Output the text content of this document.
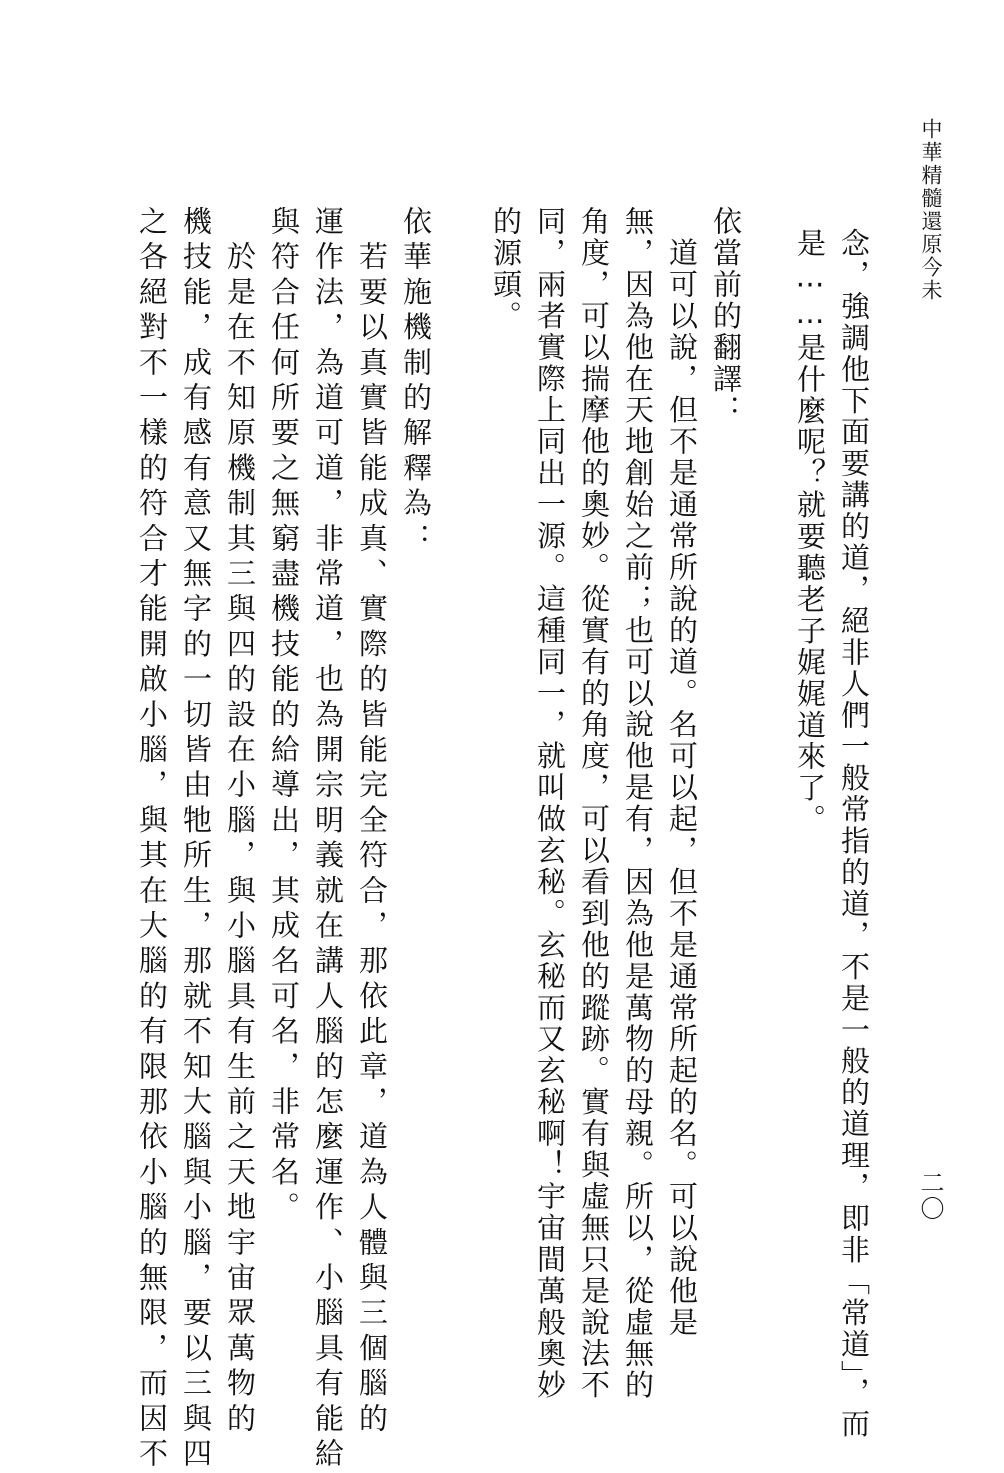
中華精髓還原今未
二〇
念，強調他下面要講的道，絕非人們一般常指的道，不是一般的道理，即非「常道」，而
是……是什麼呢？就要聽老子娓娓道來了。
依當前的翻譯：
　道可以說，但不是通常所說的道。名可以起，但不是通常所起的名。可以說他是
無，因為他在天地創始之前；也可以說他是有，因為他是萬物的母親。所以，從虛無的
角度，可以揣摩他的奧妙。從實有的角度，可以看到他的蹤跡。實有與虛無只是說法不
同，兩者實際上同出一源。這種同一，就叫做玄秘。玄秘而又玄秘啊！宇宙間萬般奧妙
的源頭。
依華施機制的解釋為：
　若要以真實皆能成真、實際的皆能完全符合，那依此章，道為人體與三個腦的
運作法，為道可道，非常道，也為開宗明義就在講人腦的怎麼運作、小腦具有能給
與符合任何所要之無窮盡機技能的給導出，其成名可名，非常名。
　於是在不知原機制其三與四的設在小腦，與小腦具有生前之天地宇宙眾萬物的
機技能，成有感有意又無字的一切皆由牠所生，那就不知大腦與小腦，要以三與四
之各絕對不一樣的符合才能開啟小腦，與其在大腦的有限那依小腦的無限，而因不
